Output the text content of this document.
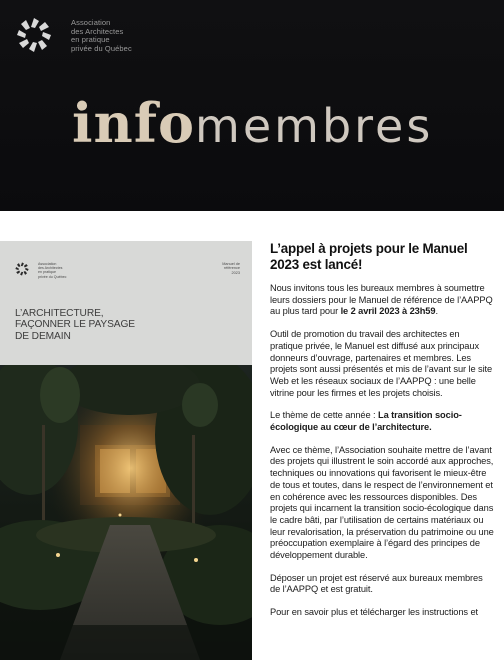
Association
des Architectes
en pratique
privée du Québec
infomembres
Association
des Architectes
en pratique
privée du Québec
Manuel de
référence
2023
L’ARCHITECTURE,
FAÇONNER LE PAYSAGE
DE DEMAIN
L’appel à projets pour le Manuel 2023 est lancé!

Nous invitons tous les bureaux membres à soumettre leurs dossiers pour le Manuel de référence de l’AAPPQ au plus tard pour le 2 avril 2023 à 23h59.

Outil de promotion du travail des architectes en pratique privée, le Manuel est diffusé aux principaux donneurs d’ouvrage, partenaires et membres. Les projets sont aussi présentés et mis de l’avant sur le site Web et les réseaux sociaux de l’AAPPQ : une belle vitrine pour les firmes et les projets choisis.

Le thème de cette année : La transition socio-écologique au cœur de l’architecture.

Avec ce thème, l’Association souhaite mettre de l’avant des projets qui illustrent le soin accordé aux approches, techniques ou innovations qui favorisent le mieux-être de tous et toutes, dans le respect de l’environnement et en cohérence avec les ressources disponibles. Des projets qui incarnent la transition socio-écologique dans le cadre bâti, par l’utilisation de certains matériaux ou leur revalorisation, la préservation du patrimoine ou une préoccupation exemplaire à l’égard des principes de développement durable.

Déposer un projet est réservé aux bureaux membres de l’AAPPQ et est gratuit.

Pour en savoir plus et télécharger les instructions et
